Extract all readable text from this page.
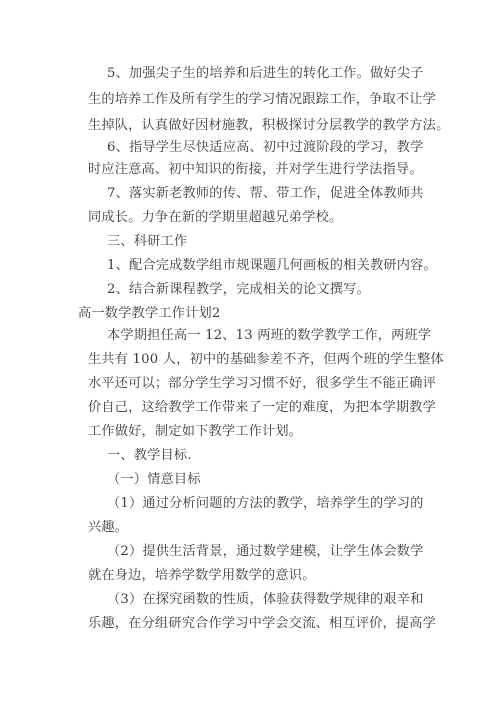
5、加强尖子生的培养和后进生的转化工作。做好尖子
生的培养工作及所有学生的学习情况跟踪工作，争取不让学
生掉队，认真做好因材施教，积极探讨分层教学的教学方法。
6、指导学生尽快适应高、初中过渡阶段的学习，教学
时应注意高、初中知识的衔接，并对学生进行学法指导。
7、落实新老教师的传、帮、带工作，促进全体教师共
同成长。力争在新的学期里超越兄弟学校。
三、科研工作
1、配合完成数学组市规课题几何画板的相关教研内容。
2、结合新课程教学，完成相关的论文撰写。
高一数学教学工作计划2
本学期担任高一 12、13 两班的数学教学工作，两班学
生共有 100 人，初中的基础参差不齐，但两个班的学生整体
水平还可以；部分学生学习习惯不好，很多学生不能正确评
价自己，这给教学工作带来了一定的难度，为把本学期教学
工作做好，制定如下教学工作计划。
一、教学目标.
（一）情意目标
（1）通过分析问题的方法的教学，培养学生的学习的
兴趣。
（2）提供生活背景，通过数学建模，让学生体会数学
就在身边，培养学数学用数学的意识。
（3）在探究函数的性质，体验获得数学规律的艰辛和
乐趣，在分组研究合作学习中学会交流、相互评价，提高学
